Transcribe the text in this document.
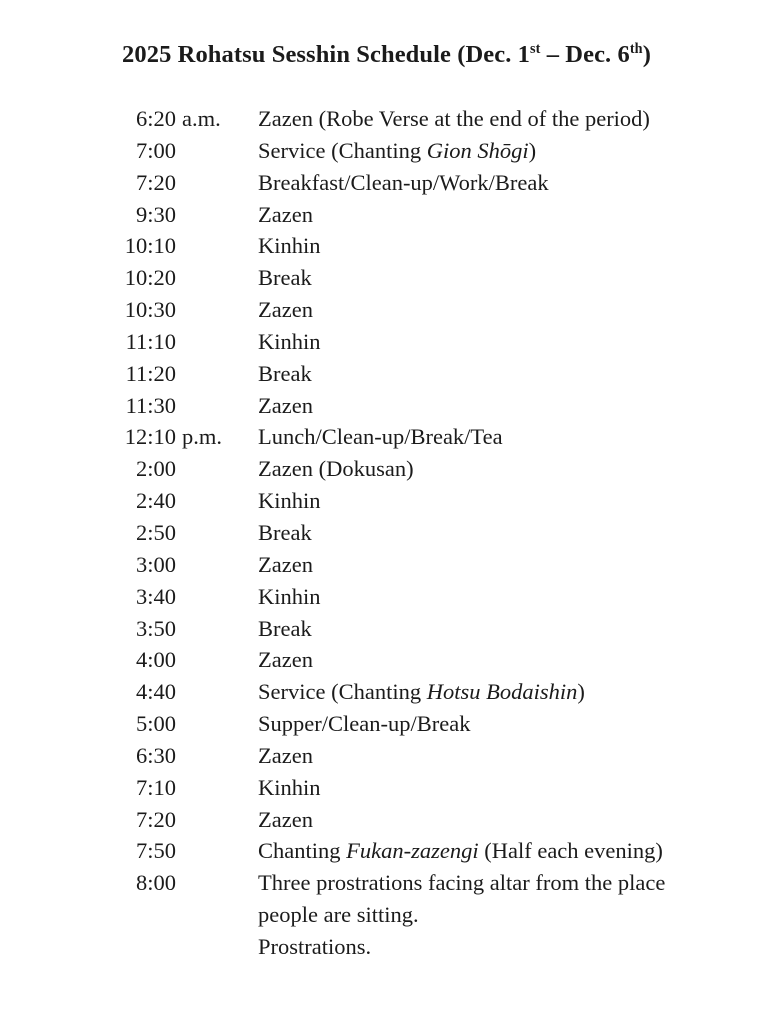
2025 Rohatsu Sesshin Schedule (Dec. 1st – Dec. 6th)
6:20 a.m.	Zazen (Robe Verse at the end of the period)
7:00	Service (Chanting Gion Shōgi)
7:20	Breakfast/Clean-up/Work/Break
9:30	Zazen
10:10	Kinhin
10:20	Break
10:30	Zazen
11:10	Kinhin
11:20	Break
11:30	Zazen
12:10 p.m.	Lunch/Clean-up/Break/Tea
2:00	Zazen (Dokusan)
2:40	Kinhin
2:50	Break
3:00	Zazen
3:40	Kinhin
3:50	Break
4:00	Zazen
4:40	Service (Chanting Hotsu Bodaishin)
5:00	Supper/Clean-up/Break
6:30	Zazen
7:10	Kinhin
7:20	Zazen
7:50	Chanting Fukan-zazengi (Half each evening)
8:00	Three prostrations facing altar from the place people are sitting.
Prostrations.
